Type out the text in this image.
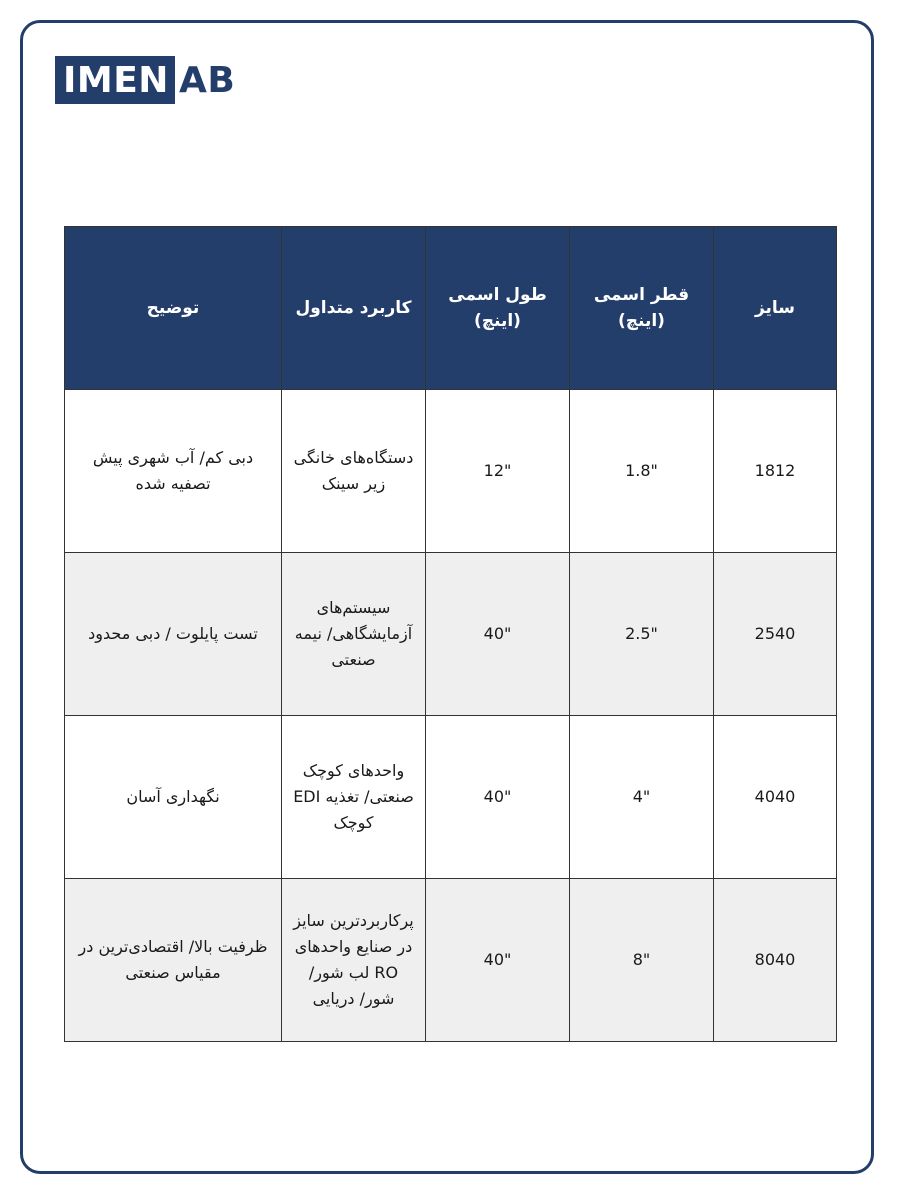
IMEN AB
سایز	قطر اسمی (اینچ)	طول اسمی (اینچ)	کاربرد متداول	توضیح
1812	1.8"	12"	دستگاه‌های خانگی زیر سینک	دبی کم/ آب شهری پیش تصفیه شده
2540	2.5"	40"	سیستم‌های آزمایشگاهی/ نیمه صنعتی	تست پایلوت / دبی محدود
4040	4"	40"	واحدهای کوچک صنعتی/ تغذیه EDI کوچک	نگهداری آسان
8040	8"	40"	پرکاربردترین سایز در صنایع واحدهای RO لب شور/ شور/ دریایی	ظرفیت بالا/ اقتصادی‌ترین در مقیاس صنعتی
